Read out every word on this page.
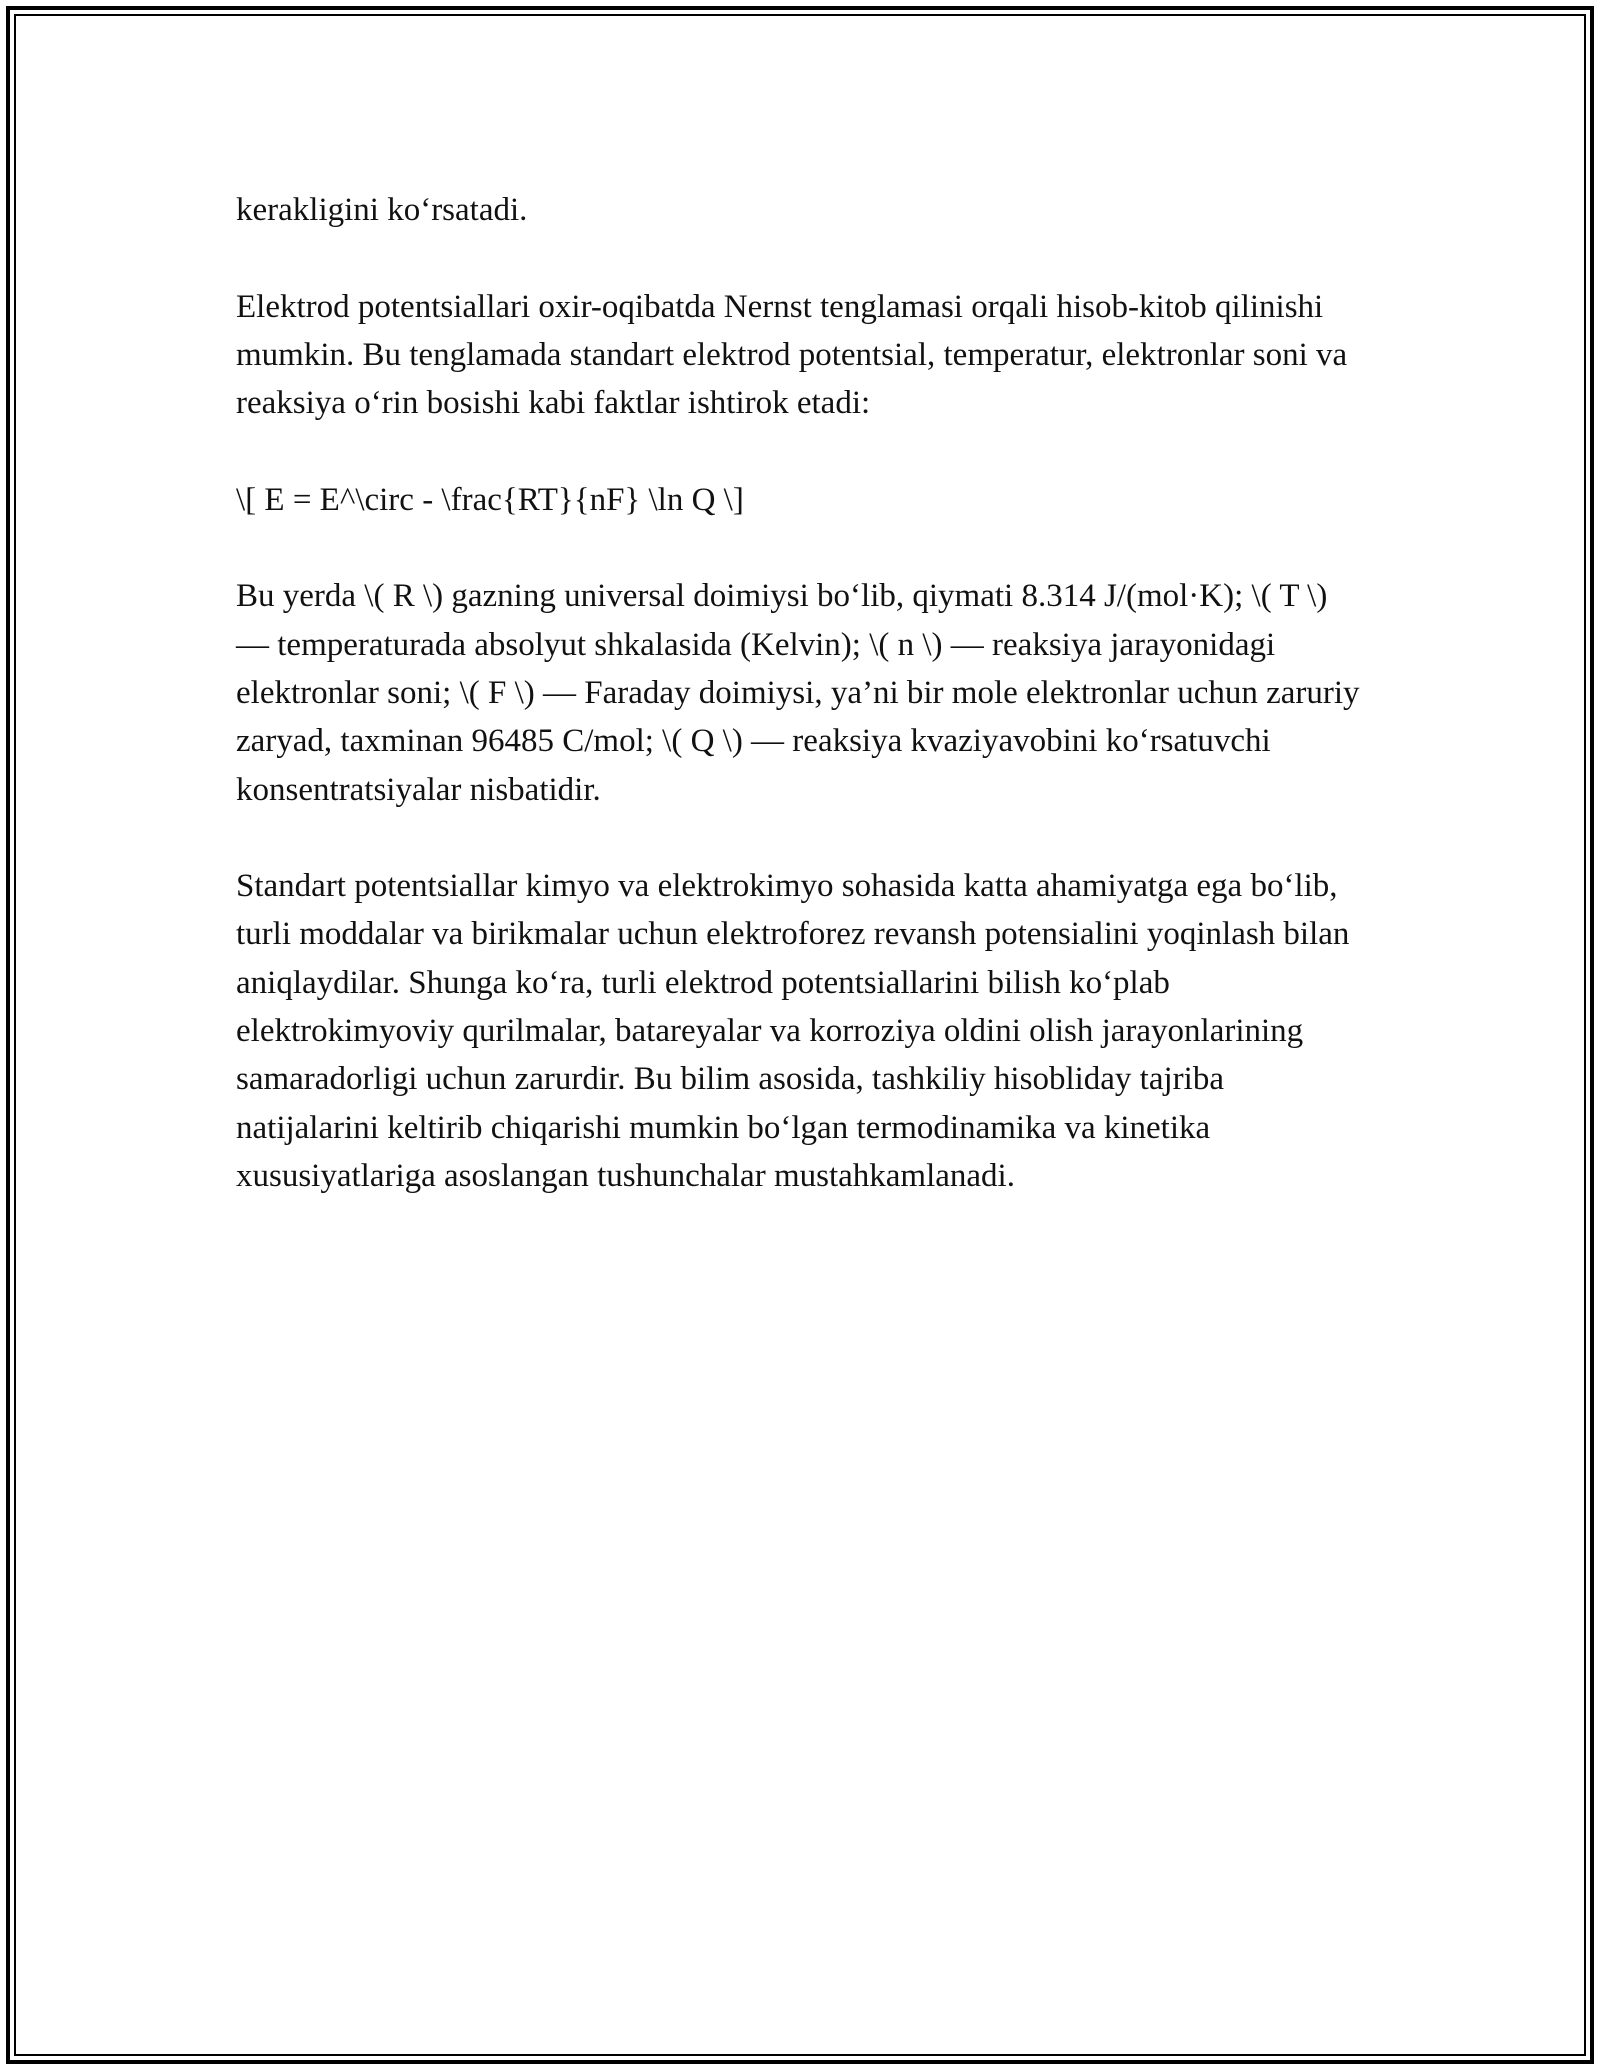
kerakligini ko‘rsatadi.

Elektrod potentsiallari oxir-oqibatda Nernst tenglamasi orqali hisob-kitob qilinishi mumkin. Bu tenglamada standart elektrod potentsial, temperatur, elektronlar soni va reaksiya o‘rin bosishi kabi faktlar ishtirok etadi:

\[ E = E^\circ - \frac{RT}{nF} \ln Q \]

Bu yerda \( R \) gazning universal doimiysi bo‘lib, qiymati 8.314 J/(mol·K); \( T \) — temperaturada absolyut shkalasida (Kelvin); \( n \) — reaksiya jarayonidagi elektronlar soni; \( F \) — Faraday doimiysi, ya’ni bir mole elektronlar uchun zaruriy zaryad, taxminan 96485 C/mol; \( Q \) — reaksiya kvaziyavobini ko‘rsatuvchi konsentratsiyalar nisbatidir.

Standart potentsiallar kimyo va elektrokimyo sohasida katta ahamiyatga ega bo‘lib, turli moddalar va birikmalar uchun elektroforez revansh potensialini yoqinlash bilan aniqlaydilar. Shunga ko‘ra, turli elektrod potentsiallarini bilish ko‘plab elektrokimyoviy qurilmalar, batareyalar va korroziya oldini olish jarayonlarining samaradorligi uchun zarurdir. Bu bilim asosida, tashkiliy hisobliday tajriba natijalarini keltirib chiqarishi mumkin bo‘lgan termodinamika va kinetika xususiyatlariga asoslangan tushunchalar mustahkamlanadi.
